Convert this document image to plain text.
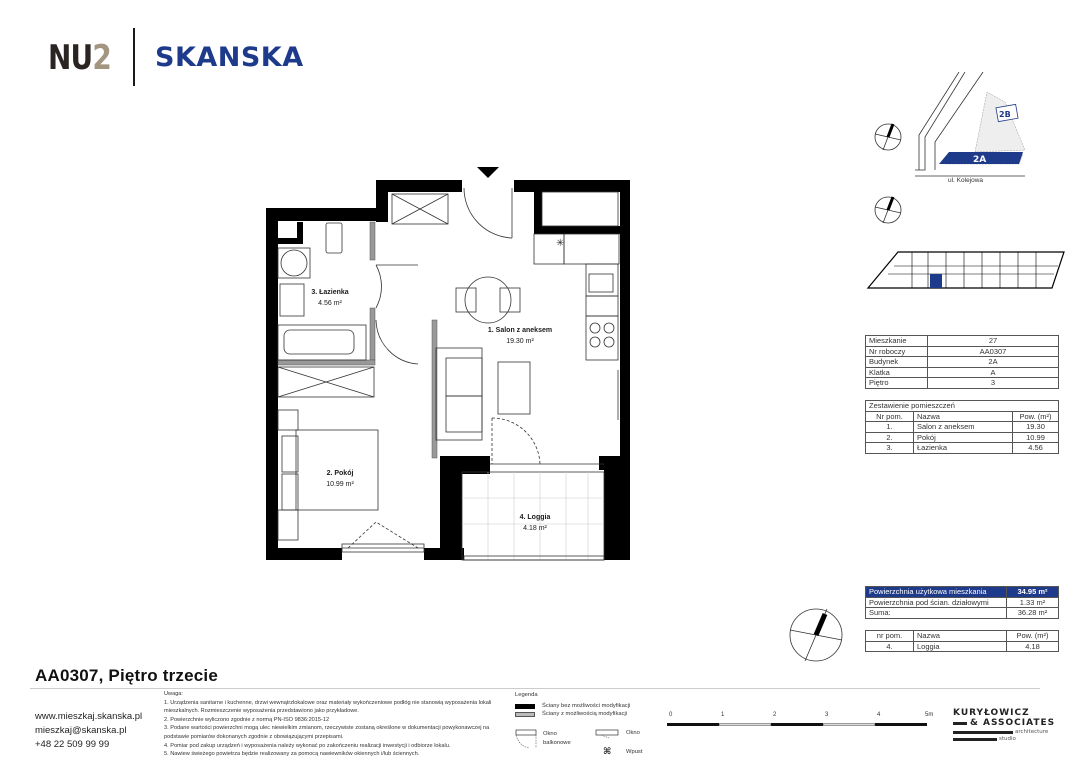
NU2 SKANSKA
✳
3. Łazienka
4.56 m²
1. Salon z aneksem
19.30 m²
2. Pokój
10.99 m²
4. Loggia
4.18 m²
2A
2B
ul. Kolejowa
Mieszkanie	27
Nr roboczy	AA0307
Budynek	2A
Klatka	A
Piętro	3
Zestawienie pomieszczeń		
Nr pom.	Nazwa	Pow. (m²)
1.	Salon z aneksem	19.30
2.	Pokój	10.99
3.	Łazienka	4.56
Powierzchnia użytkowa mieszkania	34.95 m²
Powierzchnia pod ścian. działowymi	1.33 m²
Suma:	36.28 m²
nr pom.	Nazwa	Pow. (m²)
4.	Loggia	4.18
AA0307, Piętro trzecie
www.mieszkaj.skanska.pl
mieszkaj@skanska.pl
+48 22 509 99 99
Uwaga:
1. Urządzenia sanitarne i kuchenne, drzwi wewnątrzlokalowe oraz materiały wykończeniowe podłóg nie stanowią wyposażenia lokali mieszkalnych. Rozmieszczenie wyposażenia przedstawiono jako przykładowe.
2. Powierzchnie wyliczono zgodnie z normą PN-ISO 9836:2015-12
3. Podane wartości powierzchni mogą ulec niewielkim zmianom, rzeczywiste zostaną określone w dokumentacji powykonawczej na podstawie pomiarów dokonanych zgodnie z obowiązującymi przepisami.
4. Pomiar pod zakup urządzeń i wyposażenia należy wykonać po zakończeniu realizacji inwestycji i odbiorze lokalu.
5. Nawiew świeżego powietrza będzie realizowany za pomocą nawiewników okiennych i/lub ściennych.
Legenda
Ściany bez możliwości modyfikacji
Ściany z możliwością modyfikacji
Okno
balkonowe
Okno
⌘	Wpust
0	1	2	3	4	5m KURYŁOWICZ
& ASSOCIATES
architecture
studio
